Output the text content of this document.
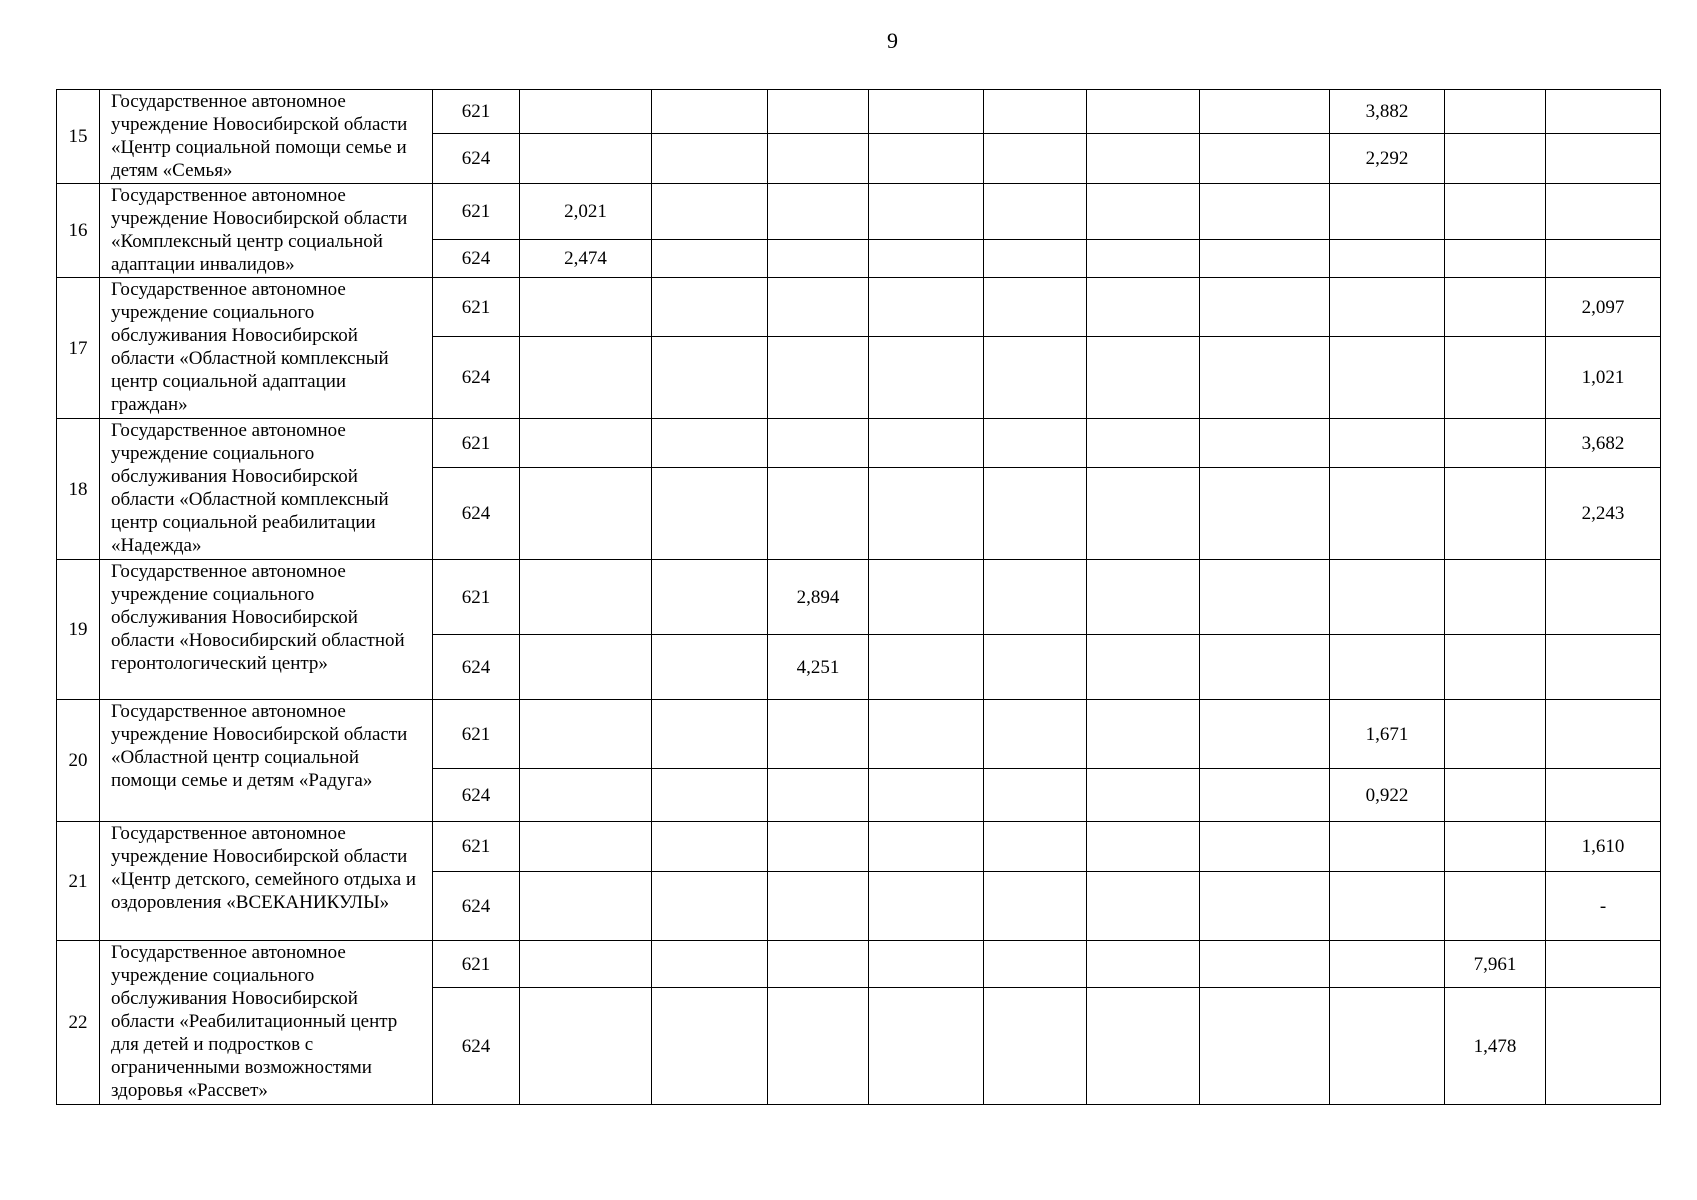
9
15	Государственное автономное учреждение Новосибирской области «Центр социальной помощи семье и детям «Семья»	621								3,882		
		624								2,292		
16	Государственное автономное учреждение Новосибирской области «Комплексный центр социальной адаптации инвалидов»	621	2,021									
		624	2,474									
17	Государственное автономное учреждение социального обслуживания Новосибирской области «Областной комплексный центр социальной адаптации граждан»	621										2,097
		624										1,021
18	Государственное автономное учреждение социального обслуживания Новосибирской области «Областной комплексный центр социальной реабилитации «Надежда»	621										3,682
		624										2,243
19	Государственное автономное учреждение социального обслуживания Новосибирской области «Новосибирский областной геронтологический центр»	621			2,894							
		624			4,251							
20	Государственное автономное учреждение Новосибирской области «Областной центр социальной помощи семье и детям «Радуга»	621								1,671		
		624								0,922		
21	Государственное автономное учреждение Новосибирской области «Центр детского, семейного отдыха и оздоровления «ВСЕКАНИКУЛЫ»	621										1,610
		624										-
22	Государственное автономное учреждение социального обслуживания Новосибирской области «Реабилитационный центр для детей и подростков с ограниченными возможностями здоровья «Рассвет»	621									7,961	
		624									1,478	
